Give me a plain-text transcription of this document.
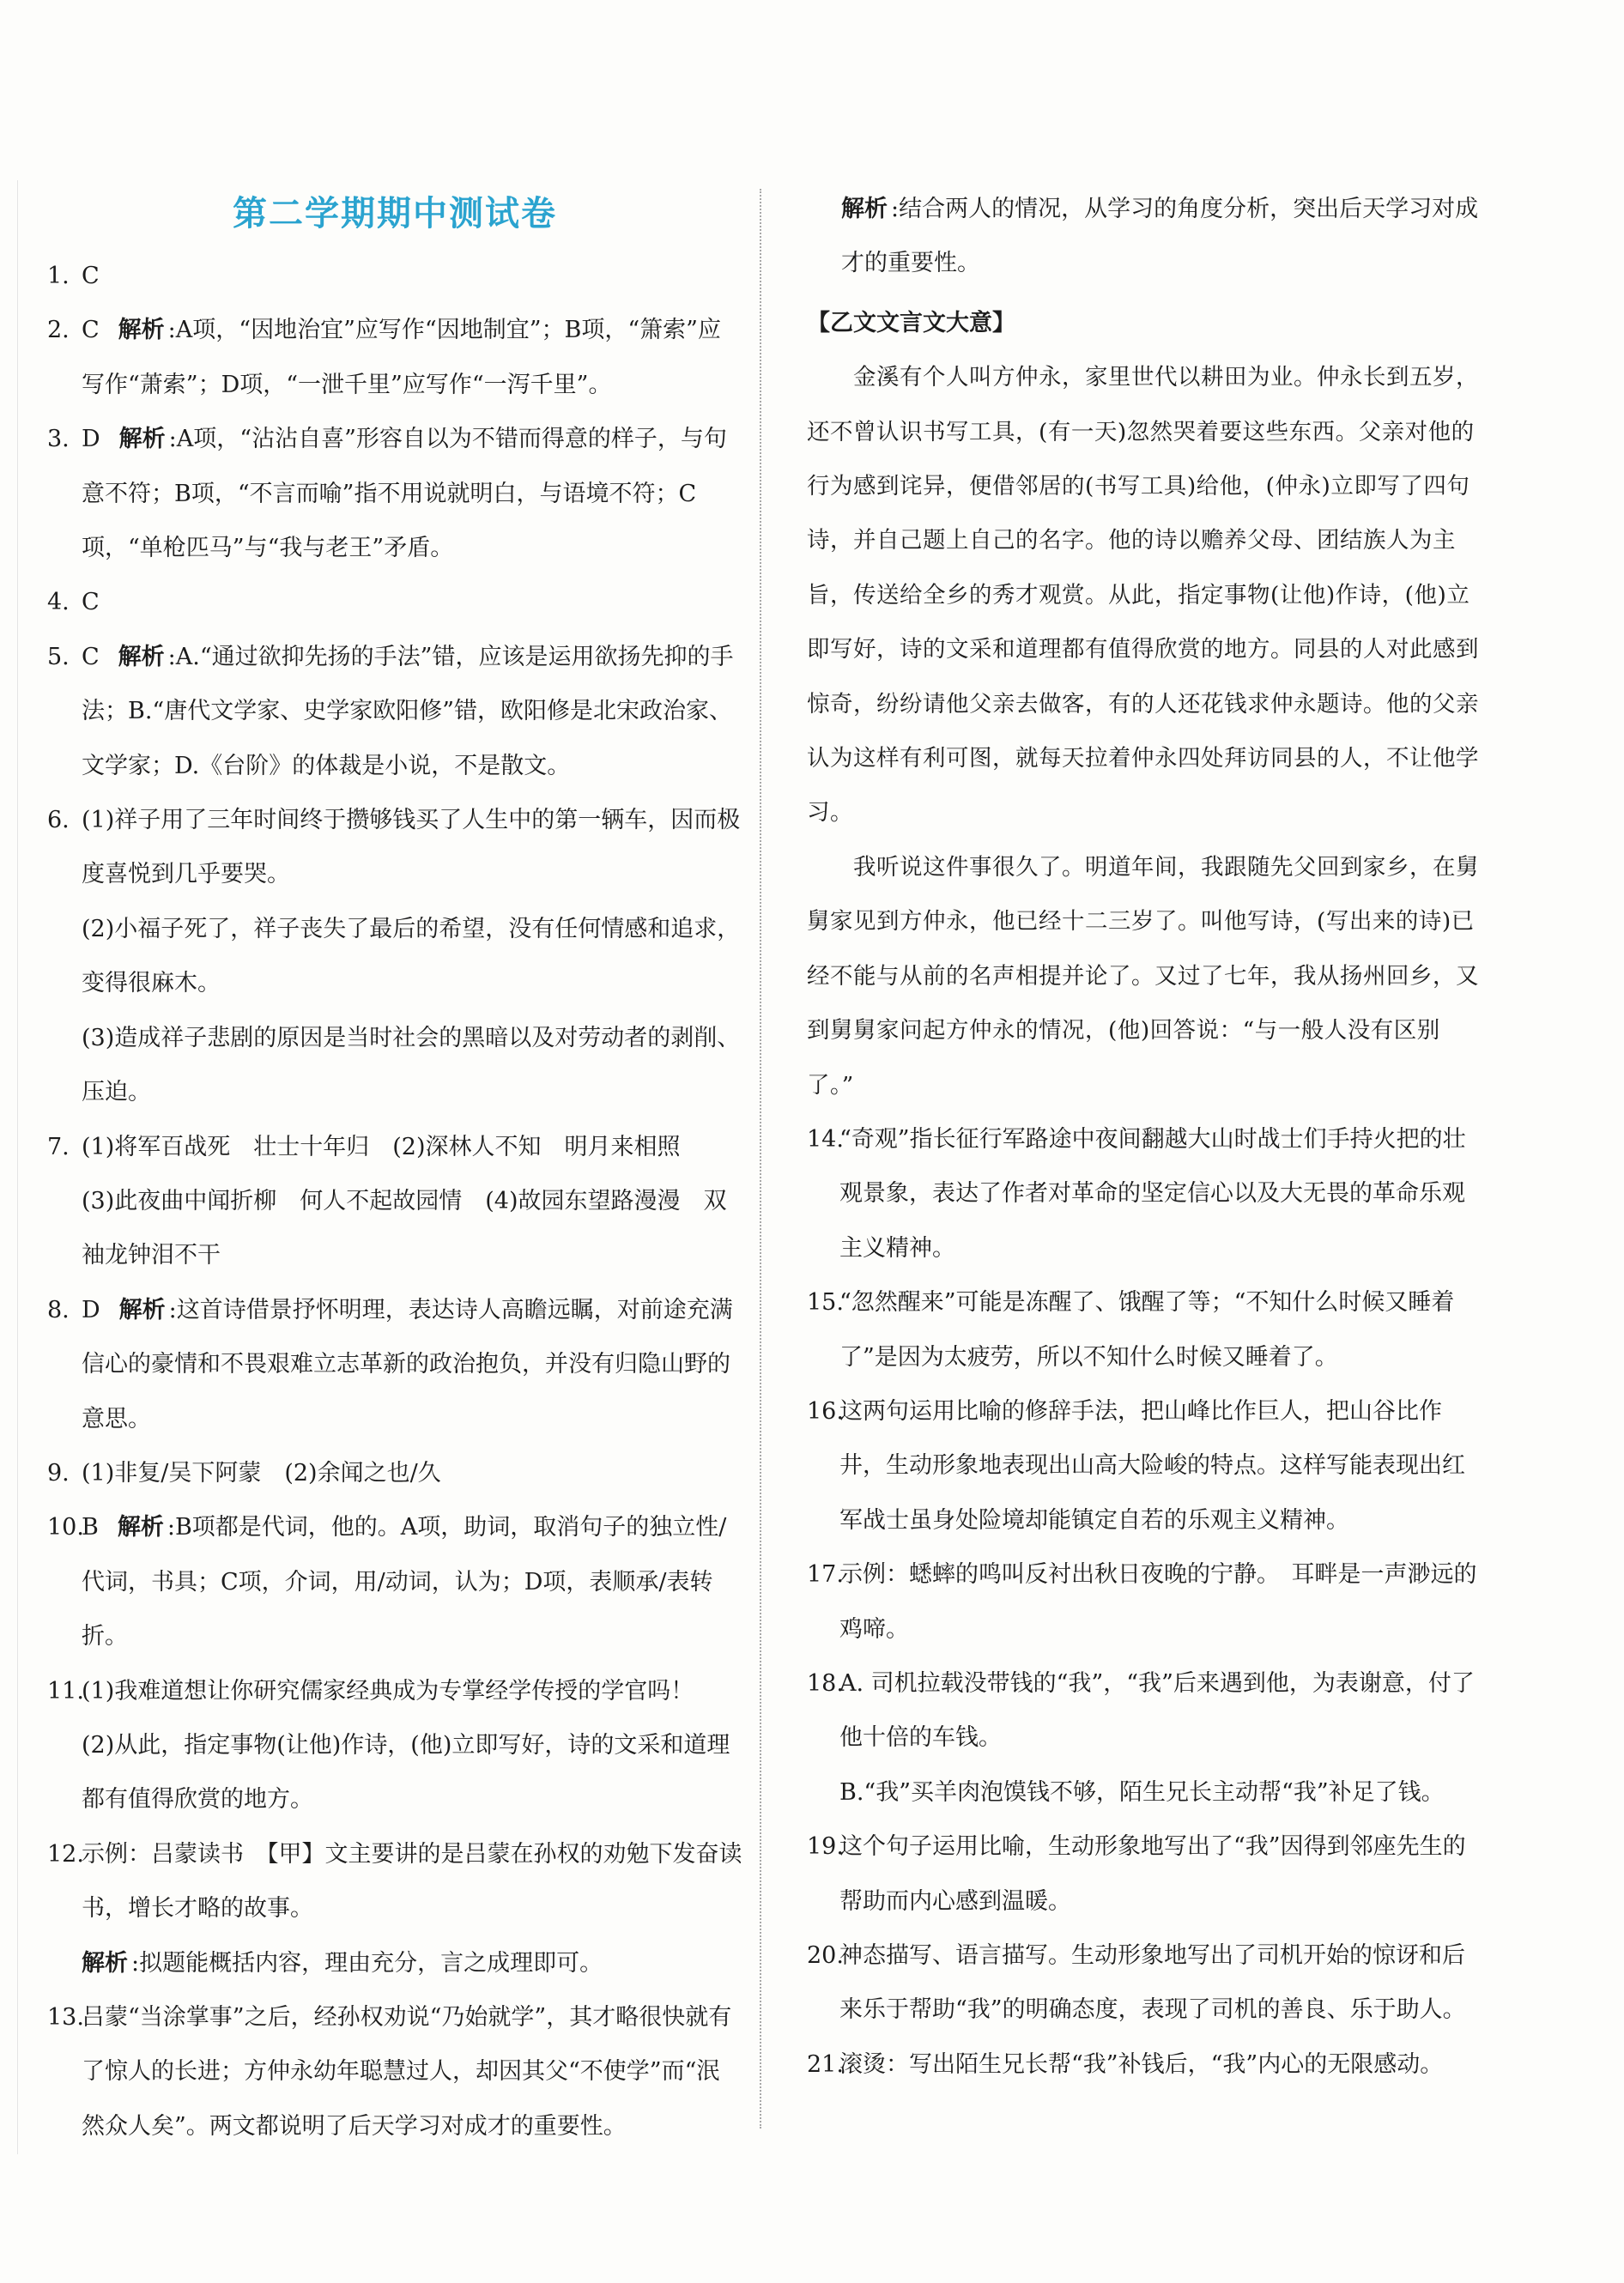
第二学期期中测试卷
1. C
2. C 解析 :A项，“因地治宜”应写作“因地制宜”；B项，“箫索”应写作“萧索”；D项，“一泄千里”应写作“一泻千里”。
3. D 解析 :A项，“沾沾自喜”形容自以为不错而得意的样子，与句意不符；B项，“不言而喻”指不用说就明白，与语境不符；C项，“单枪匹马”与“我与老王”矛盾。
4. C
5. C 解析 :A.“通过欲抑先扬的手法”错，应该是运用欲扬先抑的手法；B.“唐代文学家、史学家欧阳修”错，欧阳修是北宋政治家、文学家；D.《台阶》的体裁是小说，不是散文。
6. (1)祥子用了三年时间终于攒够钱买了人生中的第一辆车，因而极度喜悦到几乎要哭。
(2)小福子死了，祥子丧失了最后的希望，没有任何情感和追求，变得很麻木。
(3)造成祥子悲剧的原因是当时社会的黑暗以及对劳动者的剥削、压迫。
7. (1)将军百战死　壮士十年归　(2)深林人不知　明月来相照
(3)此夜曲中闻折柳　何人不起故园情　(4)故园东望路漫漫　双袖龙钟泪不干
8. D 解析 :这首诗借景抒怀明理，表达诗人高瞻远瞩，对前途充满信心的豪情和不畏艰难立志革新的政治抱负，并没有归隐山野的意思。
9. (1)非复/吴下阿蒙　(2)余闻之也/久
10.
B 解析 :B项都是代词，他的。A项，助词，取消句子的独立性/代词，书具；C项，介词，用/动词，认为；D项，表顺承/表转折。
11.
(1)我难道想让你研究儒家经典成为专掌经学传授的学官吗！
(2)从此，指定事物(让他)作诗，(他)立即写好，诗的文采和道理都有值得欣赏的地方。
12.
示例：吕蒙读书　【甲】文主要讲的是吕蒙在孙权的劝勉下发奋读书，增长才略的故事。
解析 :拟题能概括内容，理由充分，言之成理即可。
13.
吕蒙“当涂掌事”之后，经孙权劝说“乃始就学”，其才略很快就有了惊人的长进；方仲永幼年聪慧过人，却因其父“不使学”而“泯然众人矣”。两文都说明了后天学习对成才的重要性。
解析 :结合两人的情况，从学习的角度分析，突出后天学习对成才的重要性。
【乙文文言文大意】
金溪有个人叫方仲永，家里世代以耕田为业。仲永长到五岁，还不曾认识书写工具，(有一天)忽然哭着要这些东西。父亲对他的行为感到诧异，便借邻居的(书写工具)给他，(仲永)立即写了四句诗，并自己题上自己的名字。他的诗以赡养父母、团结族人为主旨，传送给全乡的秀才观赏。从此，指定事物(让他)作诗，(他)立即写好，诗的文采和道理都有值得欣赏的地方。同县的人对此感到惊奇，纷纷请他父亲去做客，有的人还花钱求仲永题诗。他的父亲认为这样有利可图，就每天拉着仲永四处拜访同县的人，不让他学习。
我听说这件事很久了。明道年间，我跟随先父回到家乡，在舅舅家见到方仲永，他已经十二三岁了。叫他写诗，(写出来的诗)已经不能与从前的名声相提并论了。又过了七年，我从扬州回乡，又到舅舅家问起方仲永的情况，(他)回答说：“与一般人没有区别了。”
14.
“奇观”指长征行军路途中夜间翻越大山时战士们手持火把的壮观景象，表达了作者对革命的坚定信心以及大无畏的革命乐观主义精神。
15.
“忽然醒来”可能是冻醒了、饿醒了等；“不知什么时候又睡着了”是因为太疲劳，所以不知什么时候又睡着了。
16.
这两句运用比喻的修辞手法，把山峰比作巨人，把山谷比作井，生动形象地表现出山高大险峻的特点。这样写能表现出红军战士虽身处险境却能镇定自若的乐观主义精神。
17.
示例：蟋蟀的鸣叫反衬出秋日夜晚的宁静。　耳畔是一声渺远的鸡啼。
18.
A. 司机拉载没带钱的“我”，“我”后来遇到他，为表谢意，付了他十倍的车钱。
B.“我”买羊肉泡馍钱不够，陌生兄长主动帮“我”补足了钱。
19.
这个句子运用比喻，生动形象地写出了“我”因得到邻座先生的帮助而内心感到温暖。
20.
神态描写、语言描写。生动形象地写出了司机开始的惊讶和后来乐于帮助“我”的明确态度，表现了司机的善良、乐于助人。
21.
滚烫：写出陌生兄长帮“我”补钱后，“我”内心的无限感动。
